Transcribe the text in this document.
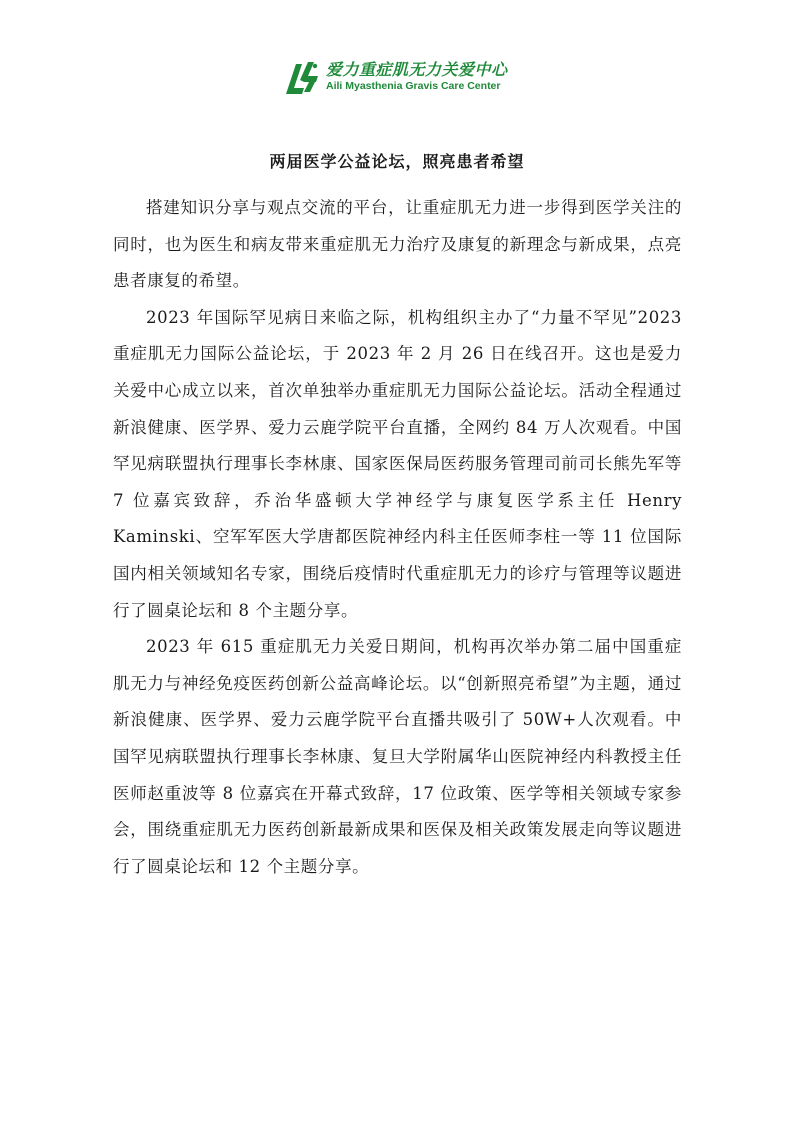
爱力重症肌无力关爱中心
Aili Myasthenia Gravis Care Center
两届医学公益论坛，照亮患者希望

搭建知识分享与观点交流的平台，让重症肌无力进一步得到医学关注的同时，也为医生和病友带来重症肌无力治疗及康复的新理念与新成果，点亮患者康复的希望。

2023 年国际罕见病日来临之际，机构组织主办了“力量不罕见”2023 重症肌无力国际公益论坛，于 2023 年 2 月 26 日在线召开。这也是爱力关爱中心成立以来，首次单独举办重症肌无力国际公益论坛。活动全程通过新浪健康、医学界、爱力云鹿学院平台直播，全网约 84 万人次观看。中国罕见病联盟执行理事长李林康、国家医保局医药服务管理司前司长熊先军等 7 位嘉宾致辞，乔治华盛顿大学神经学与康复医学系主任 Henry Kaminski、空军军医大学唐都医院神经内科主任医师李柱一等 11 位国际国内相关领域知名专家，围绕后疫情时代重症肌无力的诊疗与管理等议题进行了圆桌论坛和 8 个主题分享。

2023 年 615 重症肌无力关爱日期间，机构再次举办第二届中国重症肌无力与神经免疫医药创新公益高峰论坛。以“创新照亮希望”为主题，通过新浪健康、医学界、爱力云鹿学院平台直播共吸引了 50W+人次观看。中国罕见病联盟执行理事长李林康、复旦大学附属华山医院神经内科教授主任医师赵重波等 8 位嘉宾在开幕式致辞，17 位政策、医学等相关领域专家参会，围绕重症肌无力医药创新最新成果和医保及相关政策发展走向等议题进行了圆桌论坛和 12 个主题分享。
